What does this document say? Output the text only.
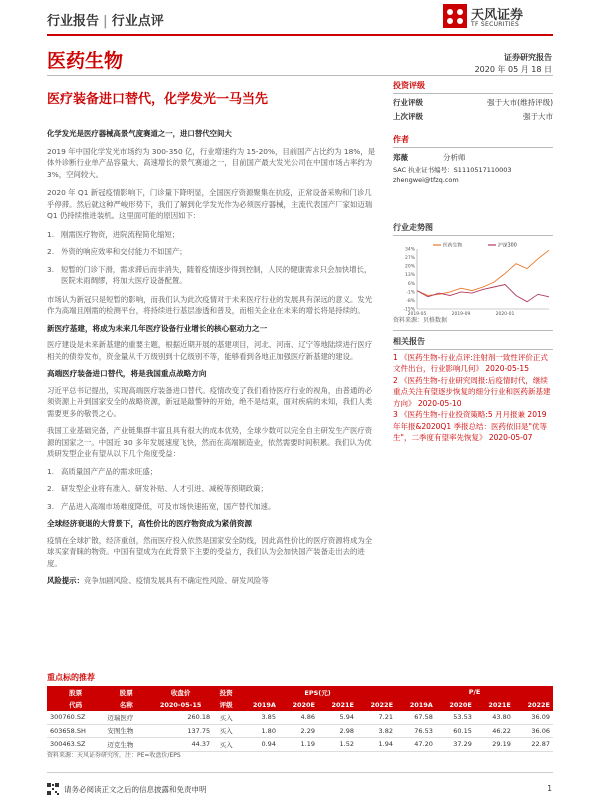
行业报告 | 行业点评	天风证券
TF SECURITIES
医药生物	证券研究报告
2020 年 05 月 18 日
医疗装备进口替代，化学发光一马当先
投资评级
行业评级	强于大市(维持评级)
上次评级	强于大市
作者
郑薇	分析师
SAC 执业证书编号：S1110517110003
zhengwei@tfzq.com
行业走势图
34%
27%
20%
13%
6%
-1%
-8%
-15%
2019-05	2019-09	2020-01
医药生物	沪深300
资料来源：贝格数据
相关报告
1 《医药生物-行业点评:注射剂一致性评价正式文件出台，行业影响几何》 2020-05-15
2 《医药生物-行业研究周报:后疫情时代，继续重点关注有望逐步恢复的细分行业和医药新基建方向》 2020-05-10
3 《医药生物-行业投资策略:5 月月报兼 2019 年年报&2020Q1 季报总结：医药依旧是"优等生"，二季度有望率先恢复》 2020-05-07

化学发光是医疗器械高景气度赛道之一，进口替代空间大

2019 年中国化学发光市场约为 300-350 亿，行业增速约为 15-20%，目前国产占比约为 18%，是体外诊断行业单产品容量大、高速增长的景气赛道之一，目前国产最大发光公司在中国市场占率约为 3%，空间较大。

2020 年 Q1 新冠疫情影响下，门诊量下降明显，全国医疗资源聚集在抗疫，正常设备采购和门诊几乎停滞。然后就这种严峻形势下，我们了解到化学发光作为必须医疗器械，主流代表国产厂家如迈瑞 Q1 仍持续推进装机。这里面可能的原因如下：

1. 刚需医疗物资，进院流程简化缩短；
2. 外资的响应效率和交付能力不如国产；
3. 短暂的门诊下滑，需求滞后而非消失，随着疫情逐步得到控制，人民的健康需求只会加快增长，医院未雨绸缪，将加大医疗设备配置。

市场认为新冠只是短暂的影响，而我们认为此次疫情对于未来医疗行业的发展具有深远的意义。发光作为高端且刚需的检测平台，将持续进行基层渗透和普及，而相关企业在未来的增长将是持续的。

新医疗基建，将成为未来几年医疗设备行业增长的核心驱动力之一

医疗建设是未来新基建的重要主题，根据近期开展的基建项目，河北、河南、辽宁等地陆续进行医疗相关的债券发布，资金量从千万级别到十亿级别不等，能够看到各地正加强医疗新基建的建设。

高端医疗装备进口替代，将是我国重点战略方向

习近平总书记提出，实现高端医疗装备进口替代。疫情改变了我们看待医疗行业的视角，由普通的必须资源上升到国家安全的战略资源，新冠是敲警钟的开始，绝不是结束，面对疾病的未知，我们人类需要更多的敬畏之心。

我国工业基础完备，产业链集群丰富且具有很大的成本优势，全球少数可以完全自主研发生产医疗资源的国家之一。中国近 30 多年发展速度飞快，然而在高端制造业，依然需要时间积累。我们认为优质研发型企业有望从以下几个角度受益：

1. 高质量国产产品的需求旺盛；
2. 研发型企业将有准入、研发补贴、人才引进、减税等预期政策；
3. 产品进入高端市场难度降低，可及市场快速拓宽，国产替代加速。

全球经济衰退的大背景下，高性价比的医疗物资成为紧俏资源

疫情在全球扩散，经济重创，然而医疗投入依然是国家安全防线，因此高性价比的医疗资源将成为全球买家青睐的物资。中国有望成为在此背景下主要的受益方，我们认为会加快国产装备走出去的进度。

风险提示：竞争加剧风险、疫情发展具有不确定性风险、研发风险等

重点标的推荐
股票	股票	收盘价	投资	EPS(元)				P/E			
代码	名称	2020-05-15	评级	2019A	2020E	2021E	2022E	2019A	2020E	2021E	2022E
300760.SZ	迈瑞医疗	260.18	买入	3.85	4.86	5.94	7.21	67.58	53.53	43.80	36.09
603658.SH	安图生物	137.75	买入	1.80	2.29	2.98	3.82	76.53	60.15	46.22	36.06
300463.SZ	迈克生物	44.37	买入	0.94	1.19	1.52	1.94	47.20	37.29	29.19	22.87
资料来源：天风证券研究所，注：PE=收盘价/EPS
请务必阅读正文之后的信息披露和免责申明	1
